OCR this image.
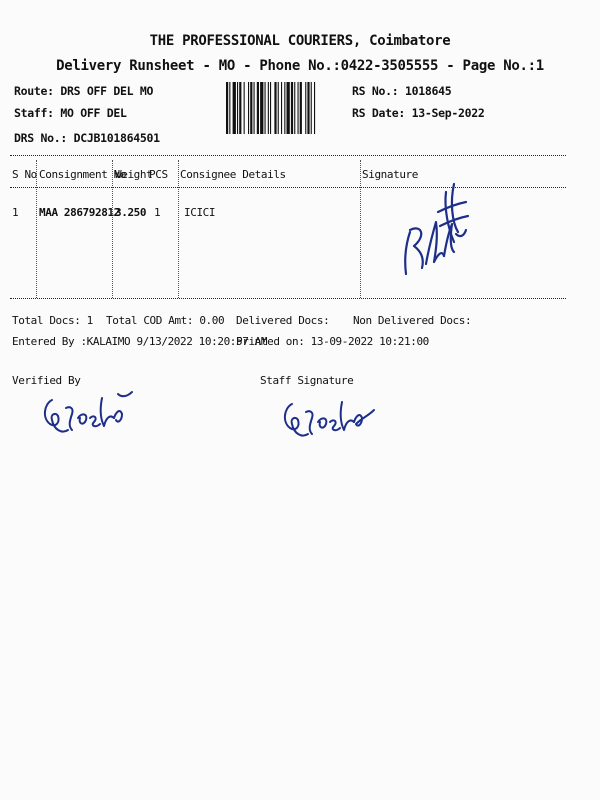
THE PROFESSIONAL COURIERS, Coimbatore
Delivery Runsheet - MO - Phone No.:0422-3505555 - Page No.:1
Route: DRS OFF DEL MO
Staff: MO OFF DEL
DRS No.: DCJB101864501
RS No.: 1018645
RS Date: 13-Sep-2022
S No Consignment No
Weight
PCS Consignee Details	Signature
1 MAA 286792812
3.250 1 ICICI
Total Docs: 1 Total COD Amt: 0.00 Delivered Docs: Non Delivered Docs:
Entered By :KALAIMO 9/13/2022 10:20:57 AM
Printed on: 13-09-2022 10:21:00
Verified By	Staff Signature
